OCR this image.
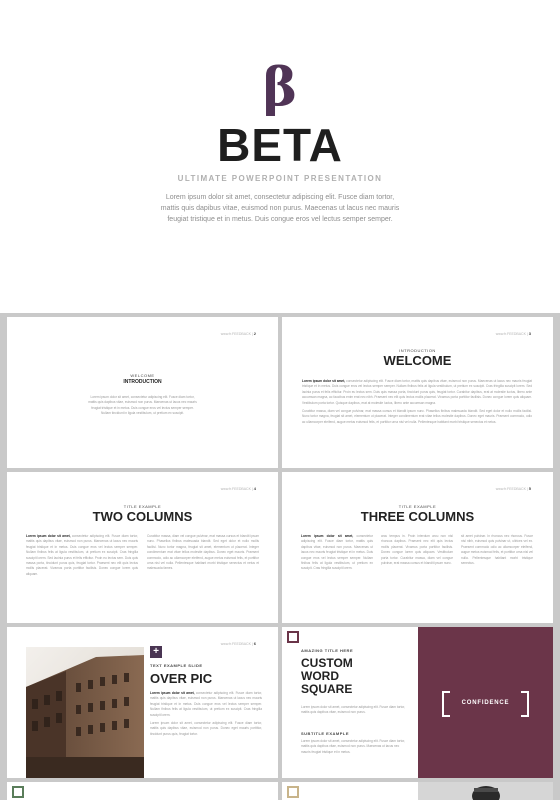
β
BETA
ULTIMATE POWERPOINT PRESENTATION
Lorem ipsum dolor sit amet, consectetur adipiscing elit. Fusce diam tortor, mattis quis dapibus vitae, euismod non purus. Maecenas ut lacus nec mauris feugiat tristique et in metus. Duis congue eros vel lectus semper semper.
www.fr.FEEDBACK | 2
WELCOME
INTRODUCTION
Lorem ipsum dolor sit amet, consectetur adipiscing elit. Fusce diam tortor, mattis quis dapibus vitae, euismod non purus. Maecenas ut lacus nec mauris feugiat tristique et in metus. Duis congue eros vel lectus semper semper. Nullam tincidunt in ligula vestibulum, ut pretium ex suscipit.
www.fr.FEEDBACK | 3
INTRODUCTION
WELCOME
Lorem ipsum dolor sit amet, consectetur adipiscing elit. Fusce diam tortor, mattis quis dapibus vitae, euismod non purus. Maecenas ut lacus nec mauris feugiat tristique et in metus. Duis congue eros vel lectus semper semper. Nullam finibus felis at ligula vestibulum, ut pretium ex suscipit. Cras fringilla suscipit lorem. Sed lacinia purus et felis efficitur. Proin eu lectus sem. Duis quis massa porta, tincidunt purus quis, feugiat tortor. Curabitur dapibus, erat at molestie luctus, libero ante accumsan magna, ac faucibus enim erat nec nibh. Praesent nec elit quis lectus mollis placerat. Vivamus porta porttitor facilisis. Donec congue lorem quis aliquam. Vestibulum porta tortor. Quisque dapibus, erat at molestie luctus, libero ante accumsan magna.
Curabitur massa, diam vel congue pulvinar, erat massa cursus et blandit ipsum nunc. Phasellus finibus malesuada blandit. Sed eget dolor et nullo mollis facilisi. Nunc tortor magna, feugiat sit amet, elementum ut placerat. Integer condimentum erat vitae tellus molestie dapibus. Donec eget mauris. Praesent commodo, odio ac ullamcorper eleifend, augue metus euismod felis, et porttitor urna nisl vel nulla. Pellentesque habitant morbi tristique senectus et netus.
www.fr.FEEDBACK | 4
TITLE EXAMPLE
TWO COLUMNS
Lorem ipsum dolor sit amet, consectetur adipiscing elit. Fusce diam tortor, mattis quis dapibus vitae, euismod non purus. Maecenas ut lacus nec mauris feugiat tristique et in metus. Duis congue eros vel lectus semper semper. Nullam finibus felis at ligula vestibulum, ut pretium ex suscipit. Cras fringilla suscipit lorem. Sed lacinia purus et felis efficitur. Proin eu lectus sem. Duis quis massa porta, tincidunt purus quis, feugiat tortor. Praesent nec elit quis lectus mollis placerat. Vivamus porta porttitor facilisis. Donec congue lorem quis aliquam.
Curabitur massa, diam vel congue pulvinar, erat massa cursus et blandit ipsum nunc. Phasellus finibus malesuada blandit. Sed eget dolor et nullo mollis facilisi. Nunc tortor magna, feugiat sit amet, elementum ut placerat. Integer condimentum erat vitae tellus molestie dapibus. Donec eget mauris. Praesent commodo, odio ac ullamcorper eleifend, augue metus euismod felis, et porttitor urna nisl vel nulla. Pellentesque habitant morbi tristique senectus et netus et malesuada fames.
www.fr.FEEDBACK | 5
TITLE EXAMPLE
THREE COLUMNS
Lorem ipsum dolor sit amet, consectetur adipiscing elit. Fusce diam tortor, mattis quis dapibus vitae, euismod non purus. Maecenas ut lacus nec mauris feugiat tristique et in metus. Duis congue eros vel lectus semper semper. Nullam finibus felis at ligula vestibulum, ut pretium ex suscipit. Cras fringilla suscipit lorem.
arcu tempus in. Proin interdum arcu non nisl rhoncus dapibus. Praesent nec elit quis lectus mollis placerat. Vivamus porta porttitor facilisis. Donec congue lorem quis aliquam. Vestibulum porta tortor. Curabitur massa, diam vel congue pulvinar, erat massa cursus et blandit ipsum nunc.
sit amet pulvinar. In rhoncus nec rhoncus. Fusce nisl nibh, euismod quis pulvinar ut, ultrices vel ex. Praesent commodo odio ac ullamcorper eleifend, augue metus euismod felis, et porttitor urna nisl vel nulla. Pellentesque habitant morbi tristique senectus.
www.fr.FEEDBACK | 6
+
TEXT EXAMPLE SLIDE
OVER PIC
Lorem ipsum dolor sit amet, consectetur adipiscing elit. Fusce diam tortor, mattis quis dapibus vitae, euismod non purus. Maecenas ut lacus nec mauris feugiat tristique et in metus. Duis congue eros vel lectus semper semper. Nullam finibus felis at ligula vestibulum, ut pretium ex suscipit. Cras fringilla suscipit lorem.
Lorem ipsum dolor sit amet, consectetur adipiscing elit. Fusce diam tortor, mattis quis dapibus vitae, euismod non purus. Donec eget mauris porttitor, tincidunt purus quis, feugiat tortor.
AMAZING TITLE HERE
CUSTOM
WORD
SQUARE
Lorem ipsum dolor sit amet, consectetur adipiscing elit. Fusce diam tortor, mattis quis dapibus vitae, euismod non purus.
SUBTITLE EXAMPLE
Lorem ipsum dolor sit amet, consectetur adipiscing elit. Fusce diam tortor, mattis quis dapibus vitae, euismod non purus. Maecenas ut lacus nec mauris feugiat tristique et in metus.
CONFIDENCE
